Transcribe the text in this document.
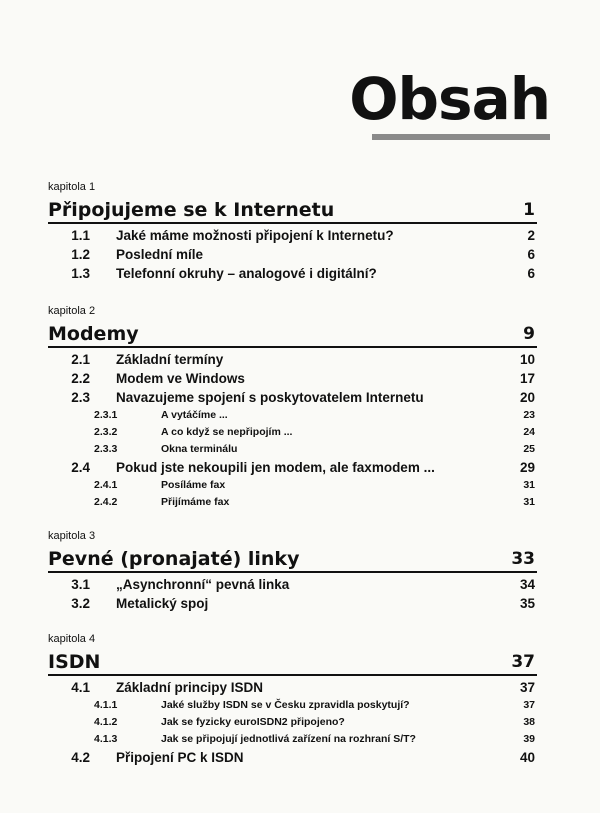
Obsah
kapitola 1
Připojujeme se k Internetu	1
1.1 Jaké máme možnosti připojení k Internetu?	2
1.2 Poslední míle	6
1.3 Telefonní okruhy – analogové i digitální?	6
kapitola 2
Modemy	9
2.1 Základní termíny	10
2.2 Modem ve Windows	17
2.3 Navazujeme spojení s poskytovatelem Internetu	20
2.3.1	A vytáčíme ...	23
2.3.2	A co když se nepřipojím ...	24
2.3.3	Okna terminálu	25
2.4 Pokud jste nekoupili jen modem, ale faxmodem ...	29
2.4.1	Posíláme fax	31
2.4.2	Přijímáme fax	31
kapitola 3
Pevné (pronajaté) linky	33
3.1 „Asynchronní“ pevná linka	34
3.2 Metalický spoj	35
kapitola 4
ISDN	37
4.1 Základní principy ISDN	37
4.1.1	Jaké služby ISDN se v Česku zpravidla poskytují?	37
4.1.2	Jak se fyzicky euroISDN2 připojeno?	38
4.1.3	Jak se připojují jednotlivá zařízení na rozhraní S/T?	39
4.2 Připojení PC k ISDN	40
